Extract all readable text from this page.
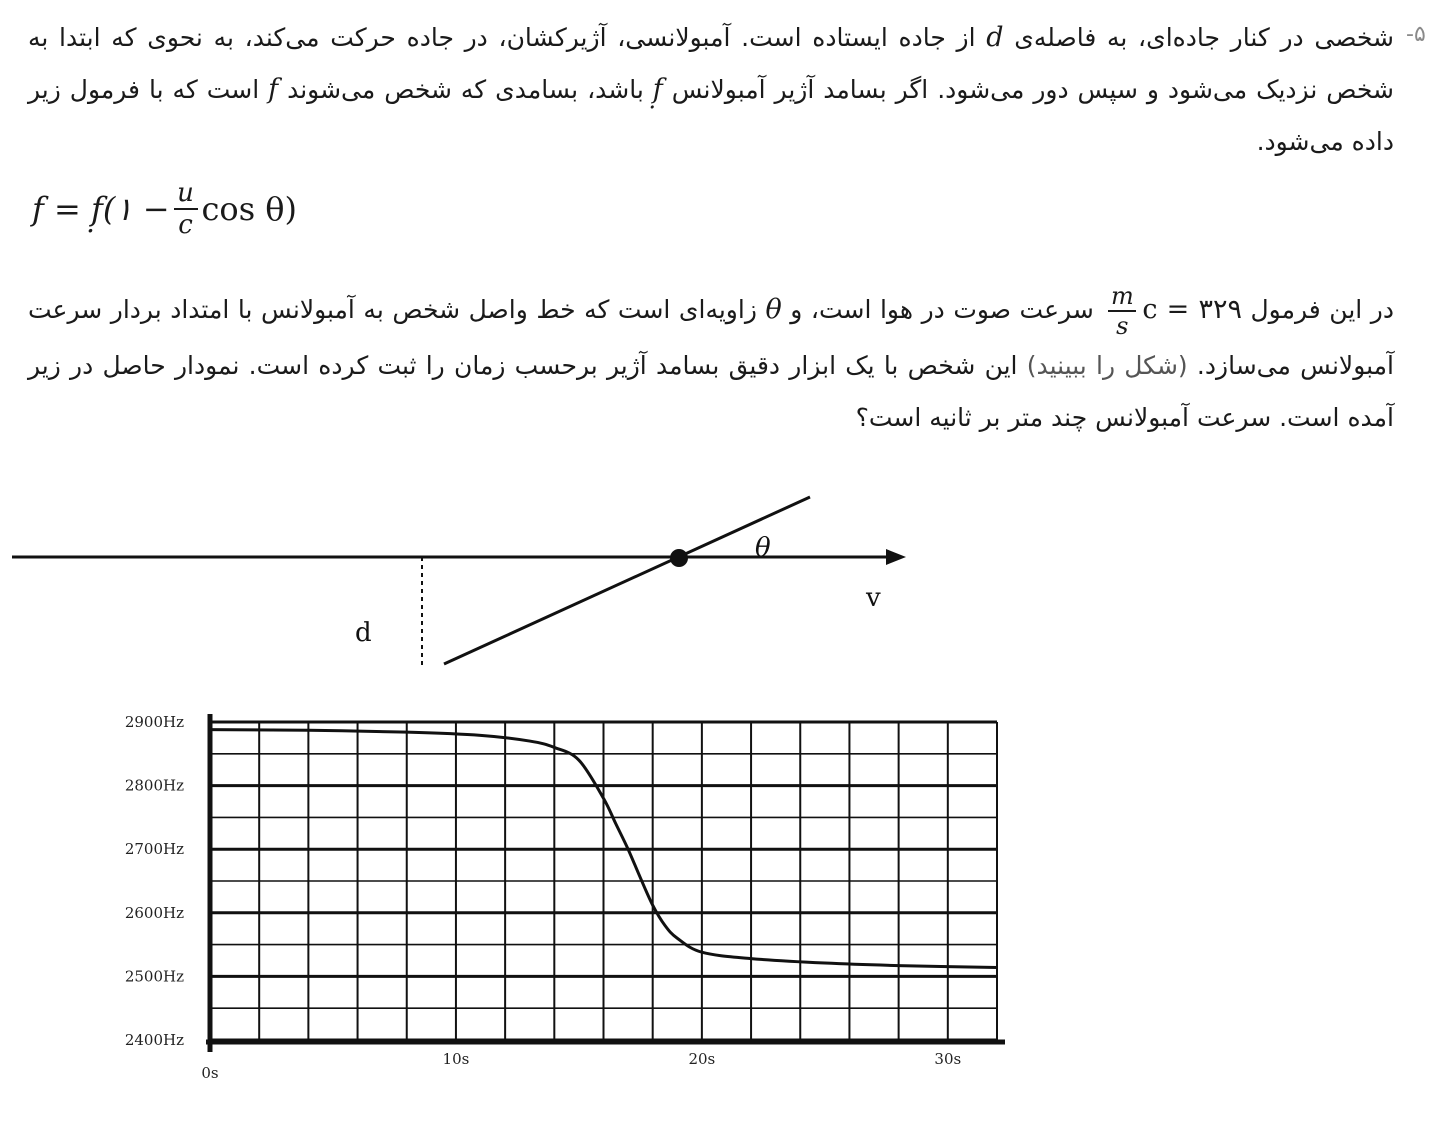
-۵
شخصی در کنار جاده‌ای، به فاصله‌ی d از جاده ایستاده است. آمبولانسی، آژیرکشان، در جاده حرکت می‌کند، به نحوی که ابتدا به شخص نزدیک می‌شود و سپس دور می‌شود. اگر بسامد آژیر آمبولانس f̣ باشد، بسامدی که شخص می‌شوند f است که با فرمول زیر داده می‌شود.
f = f̣(۱ − $\frac{u}{c}$ cos θ)
در این فرمول c = ۳۲۹
$\frac{m}{s}$
سرعت صوت در هوا است، و θ زاویه‌ای است که خط واصل شخص به آمبولانس با امتداد بردار سرعت آمبولانس می‌سازد. (شکل را ببینید) این شخص با یک ابزار دقیق بسامد آژیر برحسب زمان را ثبت کرده است. نمودار حاصل در زیر آمده است. سرعت آمبولانس چند متر بر ثانیه است؟
θ
v
d
2900Hz
2800Hz
2700Hz
2600Hz
2500Hz
2400Hz
0s
10s	20s	30s
